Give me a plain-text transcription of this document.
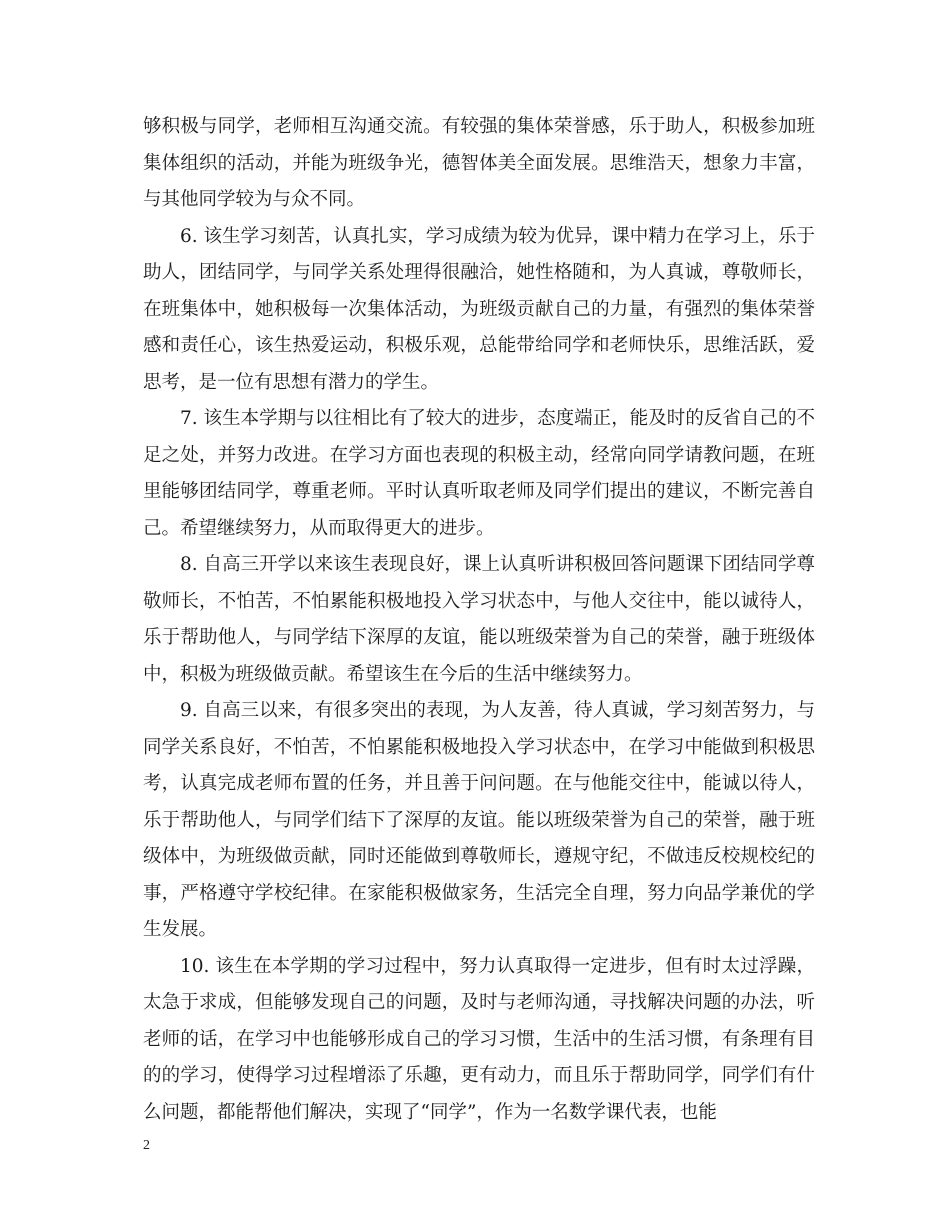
够积极与同学，老师相互沟通交流。有较强的集体荣誉感，乐于助人，积极参加班集体组织的活动，并能为班级争光，德智体美全面发展。思维浩天，想象力丰富，与其他同学较为与众不同。

6. 该生学习刻苦，认真扎实，学习成绩为较为优异，课中精力在学习上，乐于助人，团结同学，与同学关系处理得很融洽，她性格随和，为人真诚，尊敬师长，在班集体中，她积极每一次集体活动，为班级贡献自己的力量，有强烈的集体荣誉感和责任心，该生热爱运动，积极乐观，总能带给同学和老师快乐，思维活跃，爱思考，是一位有思想有潜力的学生。

7. 该生本学期与以往相比有了较大的进步，态度端正，能及时的反省自己的不足之处，并努力改进。在学习方面也表现的积极主动，经常向同学请教问题，在班里能够团结同学，尊重老师。平时认真听取老师及同学们提出的建议，不断完善自己。希望继续努力，从而取得更大的进步。

8. 自高三开学以来该生表现良好，课上认真听讲积极回答问题课下团结同学尊敬师长，不怕苦，不怕累能积极地投入学习状态中，与他人交往中，能以诚待人，乐于帮助他人，与同学结下深厚的友谊，能以班级荣誉为自己的荣誉，融于班级体中，积极为班级做贡献。希望该生在今后的生活中继续努力。

9. 自高三以来，有很多突出的表现，为人友善，待人真诚，学习刻苦努力，与同学关系良好，不怕苦，不怕累能积极地投入学习状态中，在学习中能做到积极思考，认真完成老师布置的任务，并且善于问问题。在与他能交往中，能诚以待人，乐于帮助他人，与同学们结下了深厚的友谊。能以班级荣誉为自己的荣誉，融于班级体中，为班级做贡献，同时还能做到尊敬师长，遵规守纪，不做违反校规校纪的事，严格遵守学校纪律。在家能积极做家务，生活完全自理，努力向品学兼优的学生发展。

10. 该生在本学期的学习过程中，努力认真取得一定进步，但有时太过浮躁，太急于求成，但能够发现自己的问题，及时与老师沟通，寻找解决问题的办法，听老师的话，在学习中也能够形成自己的学习习惯，生活中的生活习惯，有条理有目的的学习，使得学习过程增添了乐趣，更有动力，而且乐于帮助同学，同学们有什么问题，都能帮他们解决，实现了“同学”，作为一名数学课代表，也能

2
